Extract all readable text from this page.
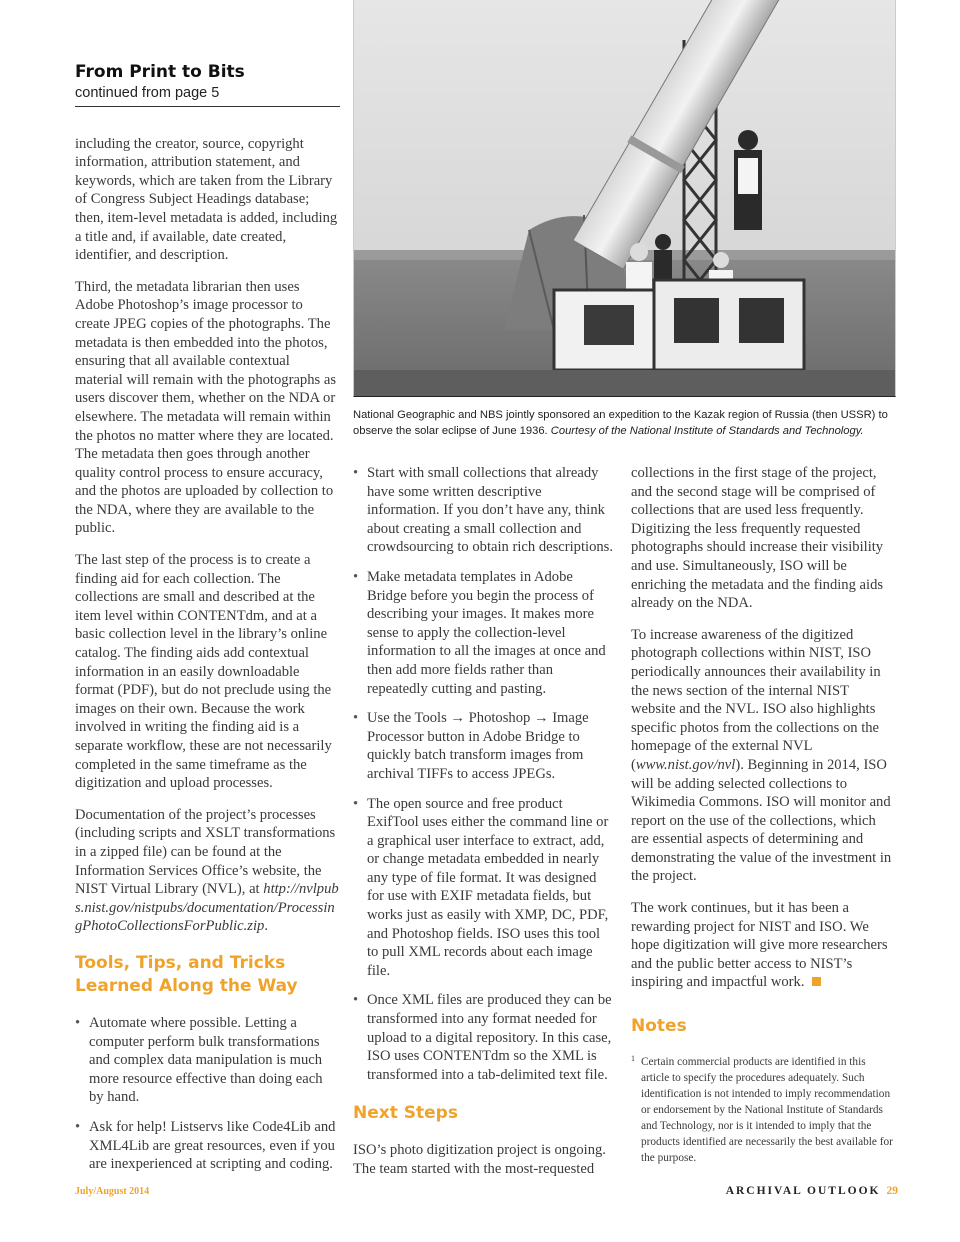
From Print to Bits
continued from page 5

including the creator, source, copyright information, attribution statement, and keywords, which are taken from the Library of Congress Subject Headings database; then, item-level metadata is added, including a title and, if available, date created, identifier, and description.

Third, the metadata librarian then uses Adobe Photoshop’s image processor to create JPEG copies of the photographs. The metadata is then embedded into the photos, ensuring that all available contextual material will remain with the photographs as users discover them, whether on the NDA or elsewhere. The metadata will remain within the photos no matter where they are located. The metadata then goes through another quality control process to ensure accuracy, and the photos are uploaded by collection to the NDA, where they are available to the public.

The last step of the process is to create a finding aid for each collection. The collections are small and described at the item level within CONTENTdm, and at a basic collection level in the library’s online catalog. The finding aids add contextual information in an easily downloadable format (PDF), but do not preclude using the images on their own. Because the work involved in writing the finding aid is a separate workflow, these are not necessarily completed in the same timeframe as the digitization and upload processes.

Documentation of the project’s processes (including scripts and XSLT transformations in a zipped file) can be found at the Information Services Office’s website, the NIST Virtual Library (NVL), at http://nvlpubs.nist.gov/nistpubs/documentation/ProcessingPhotoCollectionsForPublic.zip.

Tools, Tips, and Tricks Learned Along the Way
• Automate where possible. Letting a computer perform bulk transformations and complex data manipulation is much more resource effective than doing each by hand.
• Ask for help! Listservs like Code4Lib and XML4Lib are great resources, even if you are inexperienced at scripting and coding.
National Geographic and NBS jointly sponsored an expedition to the Kazak region of Russia (then USSR) to observe the solar eclipse of June 1936. Courtesy of the National Institute of Standards and Technology.
• Start with small collections that already have some written descriptive information. If you don’t have any, think about creating a small collection and crowdsourcing to obtain rich descriptions.
• Make metadata templates in Adobe Bridge before you begin the process of describing your images. It makes more sense to apply the collection-level information to all the images at once and then add more fields rather than repeatedly cutting and pasting.
• Use the Tools → Photoshop → Image Processor button in Adobe Bridge to quickly batch transform images from archival TIFFs to access JPEGs.
• The open source and free product ExifTool uses either the command line or a graphical user interface to extract, add, or change metadata embedded in nearly any type of file format. It was designed for use with EXIF metadata fields, but works just as easily with XMP, DC, PDF, and Photoshop fields. ISO uses this tool to pull XML records about each image file.
• Once XML files are produced they can be transformed into any format needed for upload to a digital repository. In this case, ISO uses CONTENTdm so the XML is transformed into a tab-delimited text file.
Next Steps

ISO’s photo digitization project is ongoing. The team started with the most-requested

collections in the first stage of the project, and the second stage will be comprised of collections that are used less frequently. Digitizing the less frequently requested photographs should increase their visibility and use. Simultaneously, ISO will be enriching the metadata and the finding aids already on the NDA.

To increase awareness of the digitized photograph collections within NIST, ISO periodically announces their availability in the news section of the internal NIST website and the NVL. ISO also highlights specific photos from the collections on the homepage of the external NVL (www.nist.gov/nvl). Beginning in 2014, ISO will be adding selected collections to Wikimedia Commons. ISO will monitor and report on the use of the collections, which are essential aspects of determining and demonstrating the value of the investment in the project.

The work continues, but it has been a rewarding project for NIST and ISO. We hope digitization will give more researchers and the public better access to NIST’s inspiring and impactful work.

Notes
1 Certain commercial products are identified in this article to specify the procedures adequately. Such identification is not intended to imply recommendation or endorsement by the National Institute of Standards and Technology, nor is it intended to imply that the products identified are necessarily the best available for the purpose.
July/August 2014	ARCHIVAL OUTLOOK 29
